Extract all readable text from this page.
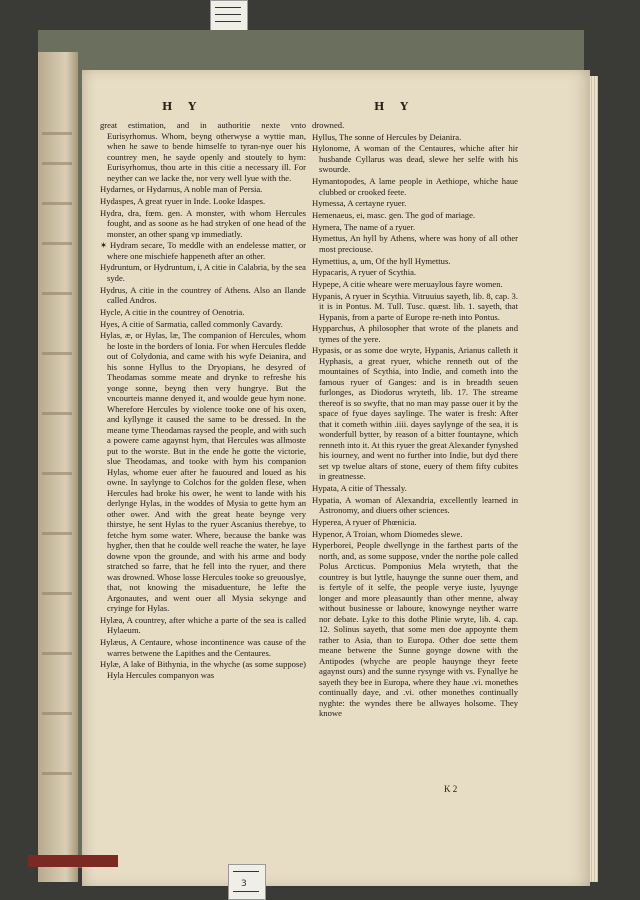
H Y	H Y

great estimation, and in authoritie nexte vnto Eurisyrhomus. Whom, beyng otherwyse a wyttie man, when he sawe to bende himselfe to tyran-nye ouer his countrey men, he sayde openly and stoutely to hym: Eurisyrhomus, thou arte in this citie a necessary ill. For neyther can we lacke the, nor very well lyue with the.

Hydarnes, or Hydarnus, A noble man of Persia.

Hydaspes, A great ryuer in Inde. Looke Idaspes.

Hydra, dra, fœm. gen. A monster, with whom Hercules fought, and as soone as he had stryken of one head of the monster, an other spang vp immediatly.

✶ Hydram secare, To meddle with an endelesse matter, or where one mischiefe happeneth after an other.

Hydruntum, or Hydruntum, i, A citie in Calabria, by the sea syde.

Hydrus, A citie in the countrey of Athens. Also an Ilande called Andros.

Hycle, A citie in the countrey of Oenotria.

Hyes, A citie of Sarmatia, called commonly Cavardy.

Hylas, æ, or Hylas, læ, The companion of Hercules, whom he loste in the borders of Ionia. For when Hercules fledde out of Colydonia, and came with his wyfe Deianira, and his sonne Hyllus to the Dryopians, he desyred of Theodamas somme meate and drynke to refreshe his yonge sonne, beyng then very hungrye. But the vncourteis manne denyed it, and woulde geue hym none. Wherefore Hercules by violence tooke one of his oxen, and kyllynge it caused the same to be dressed. In the meane tyme Theodamas raysed the people, and with such a powere came agaynst hym, that Hercules was allmoste put to the worste. But in the ende he gotte the victorie, slue Theodamas, and tooke with hym his companion Hylas, whome euer after he fauoured and loued as his owne. In saylynge to Colchos for the golden flese, when Hercules had broke his ower, he went to lande with his derlynge Hylas, in the woddes of Mysia to gette hym an other ower. And with the great heate beynge very thirstye, he sent Hylas to the ryuer Ascanius therebye, to fetche hym some water. Where, because the banke was hygher, then that he coulde well reache the water, he laye downe vpon the grounde, and with his arme and body stratched so farre, that he fell into the ryuer, and there was drowned. Whose losse Hercules tooke so greuouslye, that, not knowing the misaduenture, he lefte the Argonautes, and went ouer all Mysia sekynge and cryinge for Hylas.

Hylæa, A countrey, after whiche a parte of the sea is called Hylaeum.

Hylæus, A Centaure, whose incontinence was cause of the warres betwene the Lapithes and the Centaures.

Hylæ, A lake of Bithynia, in the whyche (as some suppose) Hyla Hercules companyon was

drowned.

Hyllus, The sonne of Hercules by Deianira.

Hylonome, A woman of the Centaures, whiche after hir husbande Cyllarus was dead, slewe her selfe with his swourde.

Hymantopodes, A lame people in Aethiope, whiche haue clubbed or crooked feete.

Hymessa, A certayne ryuer.

Hemenaeus, ei, masc. gen. The god of mariage.

Hymera, The name of a ryuer.

Hymettus, An hyll by Athens, where was hony of all other most preciouse.

Hymettius, a, um, Of the hyll Hymettus.

Hypacaris, A ryuer of Scythia.

Hypepe, A citie wheare were meruaylous fayre women.

Hypanis, A ryuer in Scythia. Vitruuius sayeth, lib. 8, cap. 3. it is in Pontus. M. Tull. Tusc. quæst. lib. 1. sayeth, that Hypanis, from a parte of Europe re-neth into Pontus.

Hypparchus, A philosopher that wrote of the planets and tymes of the yere.

Hypasis, or as some doe wryte, Hypanis, Arianus calleth it Hyphasis, a great ryuer, whiche renneth out of the mountaines of Scythia, into Indie, and cometh into the famous ryuer of Ganges: and is in breadth seuen furlonges, as Diodorus wryteth, lib. 17. The streame thereof is so swyfte, that no man may passe ouer it by the space of fyue dayes saylinge. The water is fresh: After that it cometh within .iiii. dayes saylynge of the sea, it is wonderfull bytter, by reason of a bitter fountayne, which renneth into it. At this ryuer the great Alexander fynyshed his iourney, and went no further into Indie, but dyd there set vp twelue altars of stone, euery of them fifty cubites in greatnesse.

Hypata, A citie of Thessaly.

Hypatia, A woman of Alexandria, excellently learned in Astronomy, and diuers other sciences.

Hyperea, A ryuer of Phœnicia.

Hypenor, A Troian, whom Diomedes slewe.

Hyperborei, People dwellynge in the farthest parts of the north, and, as some suppose, vnder the northe pole called Polus Arcticus. Pomponius Mela wryteth, that the countrey is but lyttle, hauynge the sunne ouer them, and is fertyle of it selfe, the people verye iuste, lyuynge longer and more pleasauntly than other menne, alway without businesse or laboure, knowynge neyther warre nor debate. Lyke to this dothe Plinie wryte, lib. 4. cap. 12. Solinus sayeth, that some men doe appoynte them rather to Asia, than to Europa. Other doe sette them meane betwene the Sunne goynge downe with the Antipodes (whyche are people hauynge theyr feete agaynst ours) and the sunne rysynge with vs. Fynallye he sayeth they bee in Europa, where they haue .vi. monethes continually daye, and .vi. other monethes continually nyghte: the wyndes there be allwayes holsome. They knowe

K 2
3
